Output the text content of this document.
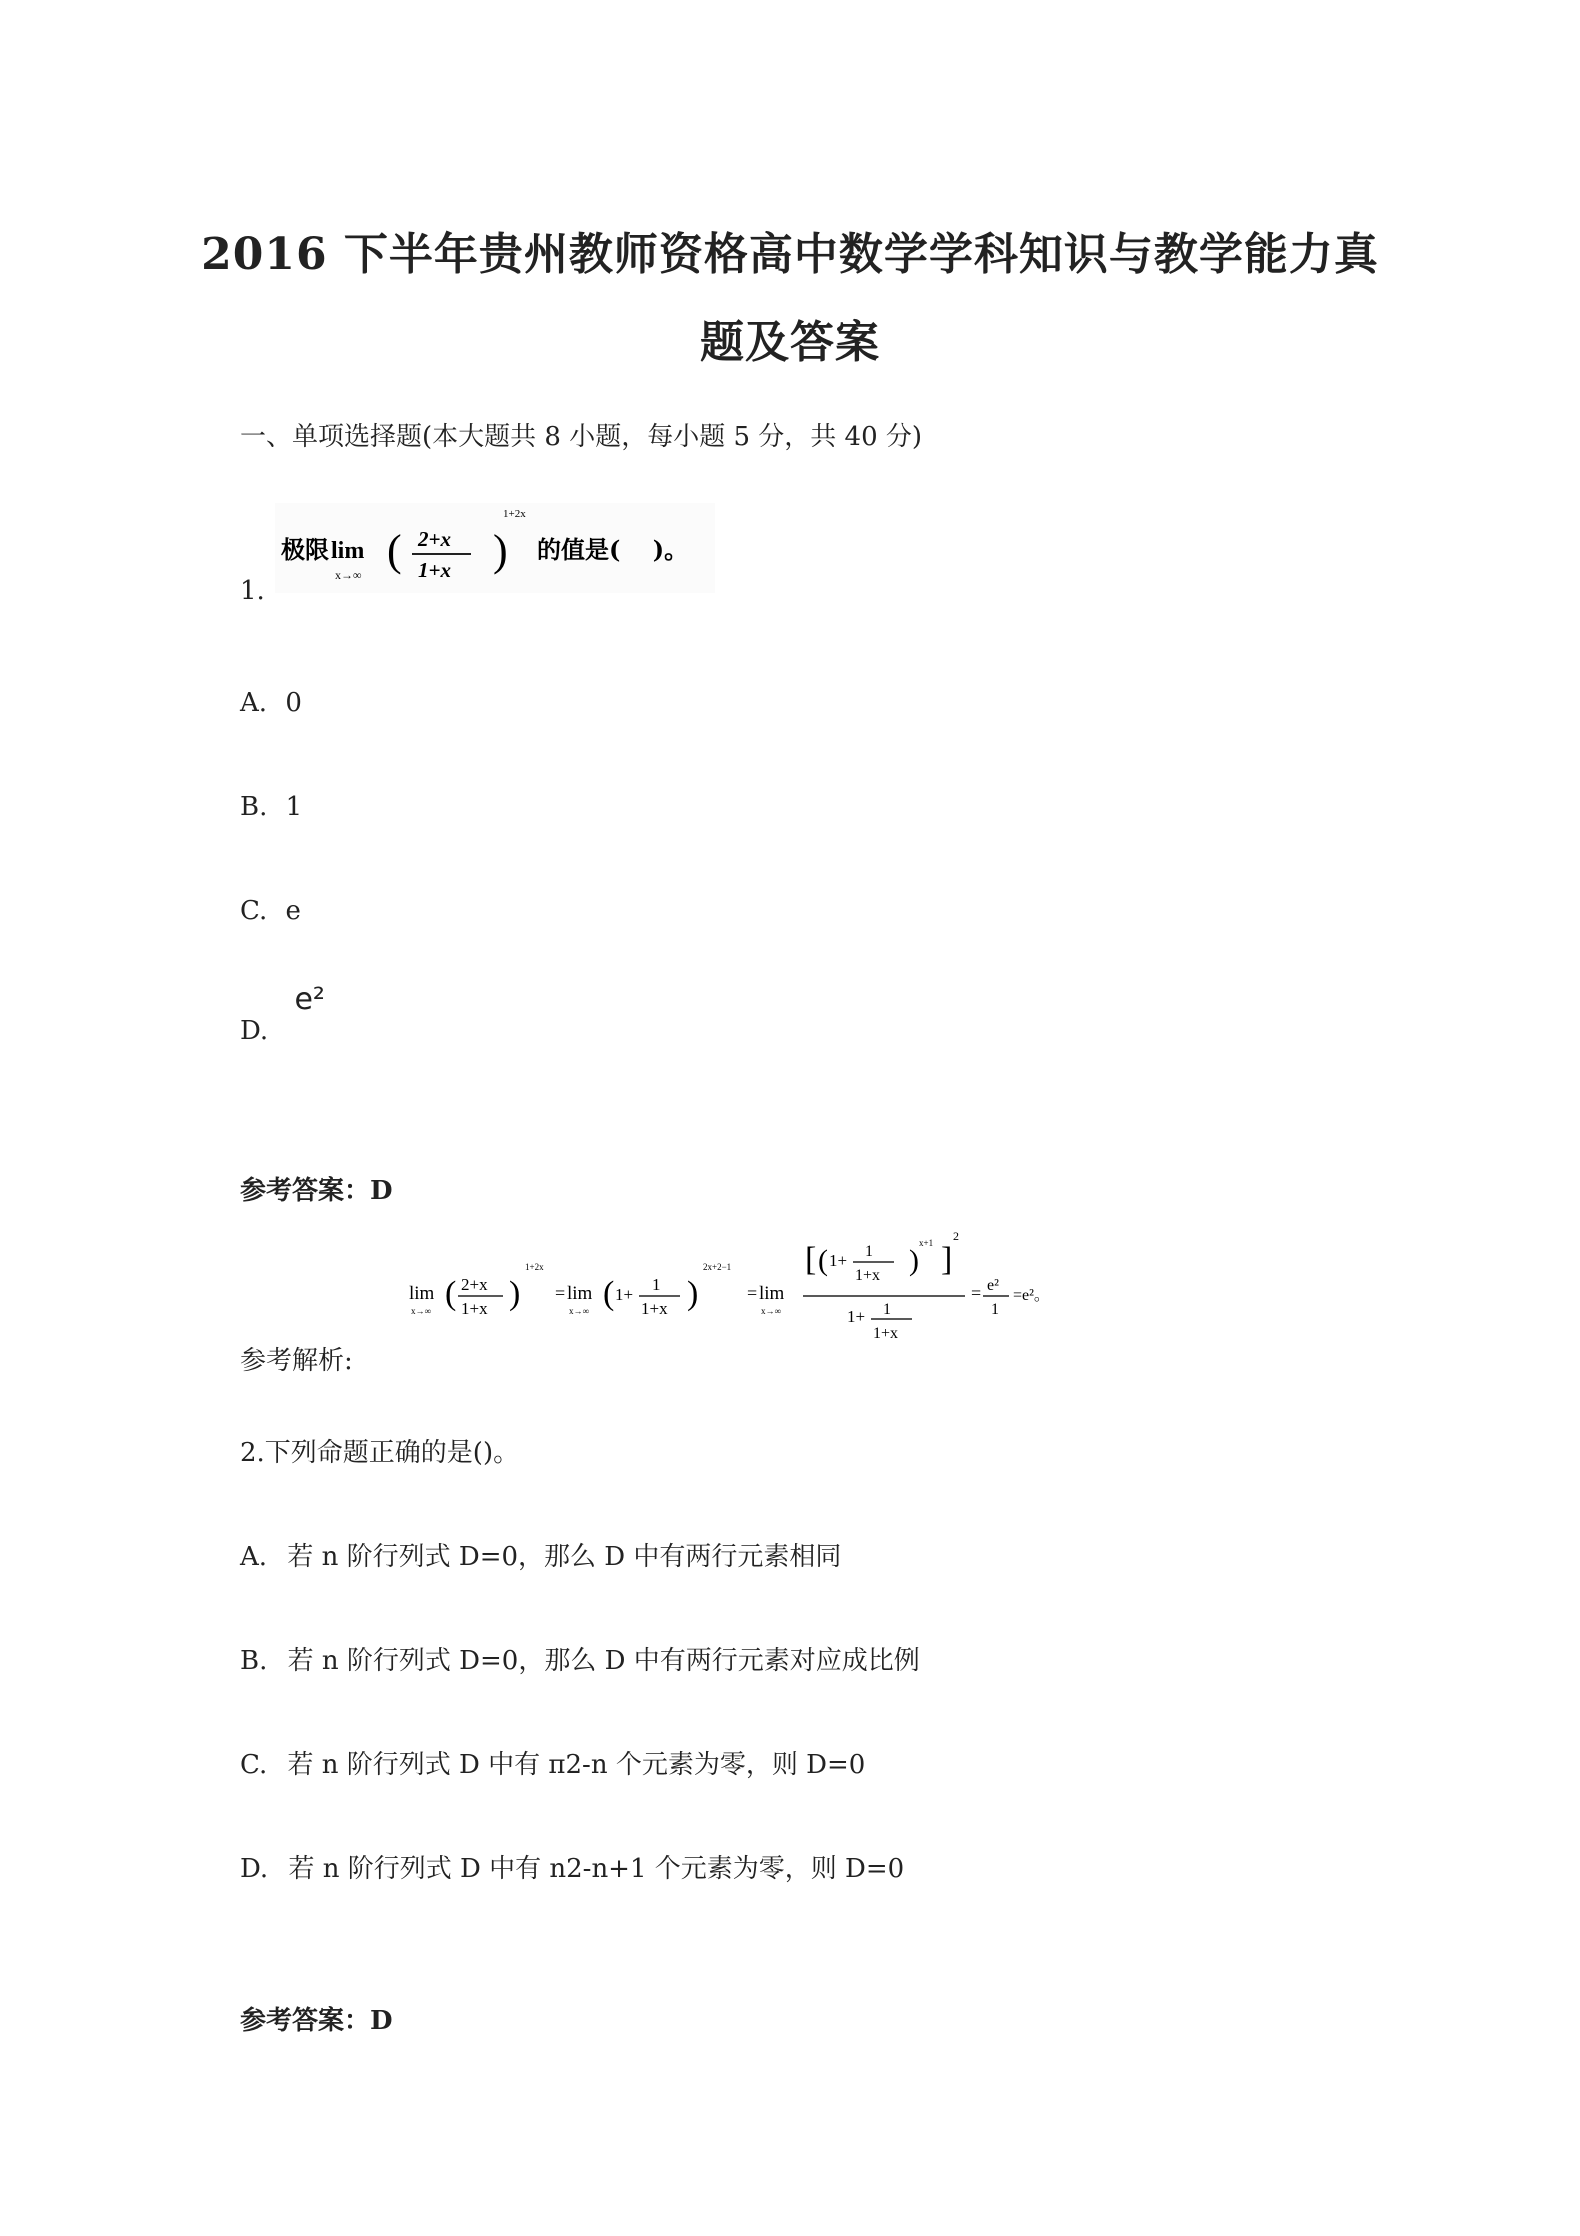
2016 下半年贵州教师资格高中数学学科知识与教学能力真
题及答案
一、单项选择题(本大题共 8 小题，每小题 5 分，共 40 分)
1.
极限 lim
x→∞ ( 2+x
1+x )
1+2x
的值是(　 )。
A. 0
B. 1
C. e
D. e²
参考答案：D
参考解析:
lim
x→∞ ( 2+x
1+x )
1+2x
= lim
x→∞ ( 1+
1
1+x )
2x+2−1
= lim
x→∞
[ ( 1+ 1
1+x )
x+1 ]
2
1+ 1
1+x
= e²
1
=e²。
2.下列命题正确的是()。
A. 若 n 阶行列式 D=0，那么 D 中有两行元素相同
B. 若 n 阶行列式 D=0，那么 D 中有两行元素对应成比例
C. 若 n 阶行列式 D 中有 π2-n 个元素为零，则 D=0
D. 若 n 阶行列式 D 中有 n2-n+1 个元素为零，则 D=0
参考答案：D
